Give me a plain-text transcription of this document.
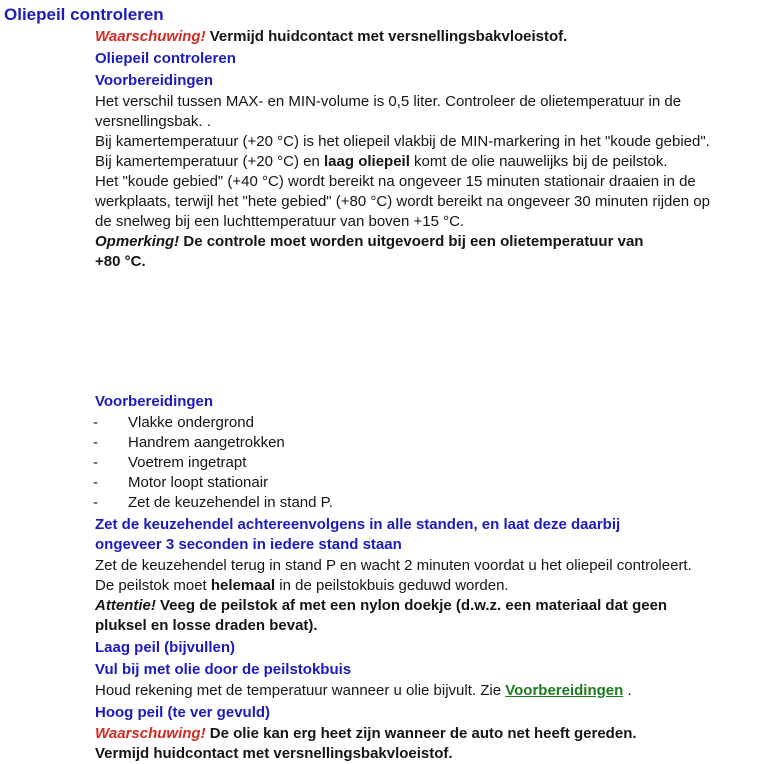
Oliepeil controleren

Waarschuwing! Vermijd huidcontact met versnellingsbakvloeistof.

Oliepeil controleren

Voorbereidingen

Het verschil tussen MAX- en MIN-volume is 0,5 liter. Controleer de olietemperatuur in de
versnellingsbak. .

Bij kamertemperatuur (+20 °C) is het oliepeil vlakbij de MIN-markering in het "koude gebied".

Bij kamertemperatuur (+20 °C) en laag oliepeil komt de olie nauwelijks bij de peilstok.

Het "koude gebied" (+40 °C) wordt bereikt na ongeveer 15 minuten stationair draaien in de
werkplaats, terwijl het "hete gebied" (+80 °C) wordt bereikt na ongeveer 30 minuten rijden op
de snelweg bij een luchttemperatuur van boven +15 °C.

Opmerking! De controle moet worden uitgevoerd bij een olietemperatuur van
+80 °C.

Voorbereidingen

-	Vlakke ondergrond
-	Handrem aangetrokken
-	Voetrem ingetrapt
-	Motor loopt stationair
-	Zet de keuzehendel in stand P.

Zet de keuzehendel achtereenvolgens in alle standen, en laat deze daarbij
ongeveer 3 seconden in iedere stand staan

Zet de keuzehendel terug in stand P en wacht 2 minuten voordat u het oliepeil controleert.

De peilstok moet helemaal in de peilstokbuis geduwd worden.

Attentie! Veeg de peilstok af met een nylon doekje (d.w.z. een materiaal dat geen
pluksel en losse draden bevat).

Laag peil (bijvullen)

Vul bij met olie door de peilstokbuis

Houd rekening met de temperatuur wanneer u olie bijvult. Zie Voorbereidingen .

Hoog peil (te ver gevuld)

Waarschuwing! De olie kan erg heet zijn wanneer de auto net heeft gereden.
Vermijd huidcontact met versnellingsbakvloeistof.
